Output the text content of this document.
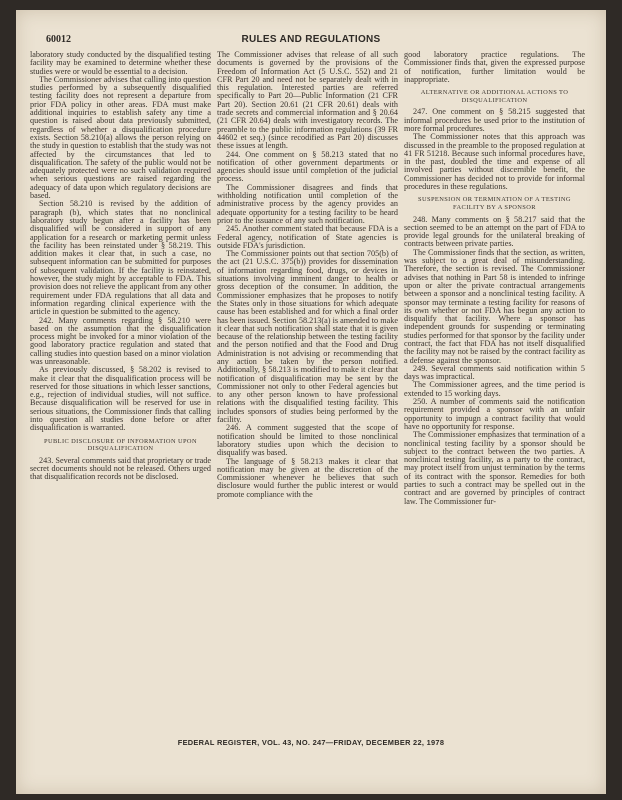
60012	RULES AND REGULATIONS

laboratory study conducted by the disqualified testing facility may be examined to determine whether these studies were or would be essential to a decision.

The Commissioner advises that calling into question studies performed by a subsequently disqualified testing facility does not represent a departure from prior FDA policy in other areas. FDA must make additional inquiries to establish safety any time a question is raised about data previously submitted, regardless of whether a disqualification procedure exists. Section 58.210(a) allows the person relying on the study in question to establish that the study was not affected by the circumstances that led to disqualification. The safety of the public would not be adequately protected were no such validation required when serious questions are raised regarding the adequacy of data upon which regulatory decisions are based.

Section 58.210 is revised by the addition of paragraph (b), which states that no nonclinical laboratory study begun after a facility has been disqualified will be considered in support of any application for a research or marketing permit unless the facility has been reinstated under § 58.219. This addition makes it clear that, in such a case, no subsequent information can be submitted for purposes of subsequent validation. If the facility is reinstated, however, the study might by acceptable to FDA. This provision does not relieve the applicant from any other requirement under FDA regulations that all data and information regarding clinical experience with the article in question be submitted to the agency.

242. Many comments regarding § 58.210 were based on the assumption that the disqualification process might be invoked for a minor violation of the good laboratory practice regulation and stated that calling studies into question based on a minor violation was unreasonable.

As previously discussed, § 58.202 is revised to make it clear that the disqualification process will be reserved for those situations in which lesser sanctions, e.g., rejection of individual studies, will not suffice. Because disqualification will be reserved for use in serious situations, the Commissioner finds that calling into question all studies done before or after disqualification is warranted.

PUBLIC DISCLOSURE OF INFORMATION UPON DISQUALIFICATION

243. Several comments said that proprietary or trade secret documents should not be released. Others urged that disqualification records not be disclosed.

The Commissioner advises that release of all such documents is governed by the provisions of the Freedom of Information Act (5 U.S.C. 552) and 21 CFR Part 20 and need not be separately dealt with in this regulation. Interested parties are referred specifically to Part 20—Public Information (21 CFR Part 20). Section 20.61 (21 CFR 20.61) deals with trade secrets and commercial information and § 20.64 (21 CFR 20.64) deals with investigatory records. The preamble to the public information regulations (39 FR 44602 et seq.) (since recodified as Part 20) discusses these issues at length.

244. One comment on § 58.213 stated that no notification of other government departments or agencies should issue until completion of the judicial process.

The Commissioner disagrees and finds that withholding notification until completion of the administrative process by the agency provides an adequate opportunity for a testing facility to be heard prior to the issuance of any such notification.

245. Another comment stated that because FDA is a Federal agency, notification of State agencies is outside FDA's jurisdiction.

The Commissioner points out that section 705(b) of the act (21 U.S.C. 375(b)) provides for dissemination of information regarding food, drugs, or devices in situations involving imminent danger to health or gross deception of the consumer. In addition, the Commissioner emphasizes that he proposes to notify the States only in those situations for which adequate cause has been established and for which a final order has been issued. Section 58.213(a) is amended to make it clear that such notification shall state that it is given because of the relationship between the testing facility and the person notified and that the Food and Drug Administration is not advising or recommending that any action be taken by the person notified. Additionally, § 58.213 is modified to make it clear that notification of disqualification may be sent by the Commissioner not only to other Federal agencies but to any other person known to have professional relations with the disqualified testing facility. This includes sponsors of studies being performed by the facility.

246. A comment suggested that the scope of notification should be limited to those nonclinical laboratory studies upon which the decision to disqualify was based.

The language of § 58.213 makes it clear that notification may be given at the discretion of the Commissioner whenever he believes that such disclosure would further the public interest or would promote compliance with the

good laboratory practice regulations. The Commissioner finds that, given the expressed purpose of notification, further limitation would be inappropriate.

ALTERNATIVE OR ADDITIONAL ACTIONS TO DISQUALIFICATION

247. One comment on § 58.215 suggested that informal procedures be used prior to the institution of more formal procedures.

The Commissioner notes that this approach was discussed in the preamble to the proposed regulation at 41 FR 51218. Because such informal procedures have, in the past, doubled the time and expense of all involved parties without discernible benefit, the Commissioner has decided not to provide for informal procedures in these regulations.

SUSPENSION OR TERMINATION OF A TESTING FACILITY BY A SPONSOR

248. Many comments on § 58.217 said that the section seemed to be an attempt on the part of FDA to provide legal grounds for the unilateral breaking of contracts between private parties.

The Commissioner finds that the section, as written, was subject to a great deal of misunderstanding. Therefore, the section is revised. The Commissioner advises that nothing in Part 58 is intended to infringe upon or alter the private contractual arrangements between a sponsor and a nonclinical testing facility. A sponsor may terminate a testing facility for reasons of its own whether or not FDA has begun any action to disqualify that facility. Where a sponsor has independent grounds for suspending or terminating studies performed for that sponsor by the facility under contract, the fact that FDA has not itself disqualified the facility may not be raised by the contract facility as a defense against the sponsor.

249. Several comments said notification within 5 days was impractical.

The Commissioner agrees, and the time period is extended to 15 working days.

250. A number of comments said the notification requirement provided a sponsor with an unfair opportunity to impugn a contract facility that would have no opportunity for response.

The Commissioner emphasizes that termination of a nonclinical testing facility by a sponsor should be subject to the contract between the two parties. A nonclinical testing facility, as a party to the contract, may protect itself from unjust termination by the terms of its contract with the sponsor. Remedies for both parties to such a contract may be spelled out in the contract and are governed by principles of contract law. The Commissioner fur-

FEDERAL REGISTER, VOL. 43, NO. 247—FRIDAY, DECEMBER 22, 1978
